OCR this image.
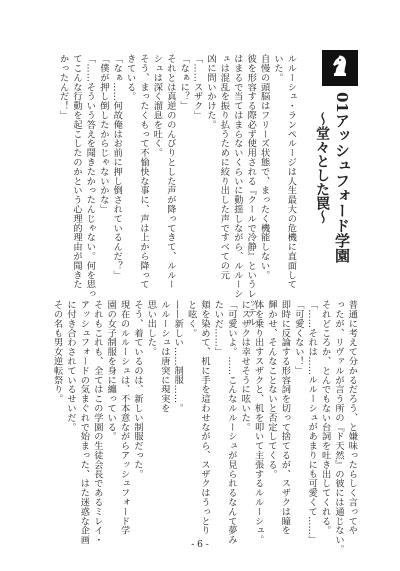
普通に考えて分かるだろう、と嫌味ったらしく言ってや
ったが、リヴァルが言う所の『ド天然』の彼には通じない。
それどころか、とんでもない台詞を吐き出してくれる。
「……それは……ルルーシュがあまりにも可愛くて……」
「可愛くない！」
即時に反論する形容詞を切って捨てるが、スザクは瞳を
輝かせ、そんなことないと否定してくる。
体を乗り出すスザクと、机を叩いて主張するルルーシュ。
にスザクは幸せそうに呟いた。
「可愛いよ。……こんなルルーシュが見られるなんて夢み
たいだ……」
頬を染めて、机に手を這わせながら、スザクはうっとり
と呟く。
——新しい……制服……。
ルルーシュは唐突に現実を
思い出した。
そう、着ているのは、新しい制服だった。
現在のルルーシュは、不本意ながらアッシュフォード学
園の女子制服を身に纏っている。
それもこれも、全てはこの学園の生徒会長であるミレイ・
アッシュフォードの気まぐれで始まった、はた迷惑な企画
に付き合わされているせいだ。
その名も男女逆転祭り。
ルルーシュ・ランペルージは人生最大の危機に直面して
いた。
自慢の頭脳はフリーズ状態で、まったく機能しない。
彼を形容する際必ず使用される『クールで冷静』というレッテル
はまるで当てはまらないくらいに動揺しながら、ルルーシ
ュは混乱を振り払うために絞り出した声ですべての元
凶に問いかけた。
「……スザク」
「なぁに？」
それとは真逆ののんびりとした声が降ってきて、ルルー
シュは深く溜息を吐く。
そう、まったくもって不愉快な事に、声は上から降って
きている。
「なぁ……何故俺はお前に押し倒されているんだ？」
「僕が押し倒したからじゃないかな」
「……そういう答えを聞きたかったんじゃない。何を思っ
てこんな行動を起こしたのかという心理的理由が聞きた
かったんだ！」	01アッシュフォード学園
〜堂々とした罠〜
- 6 -
